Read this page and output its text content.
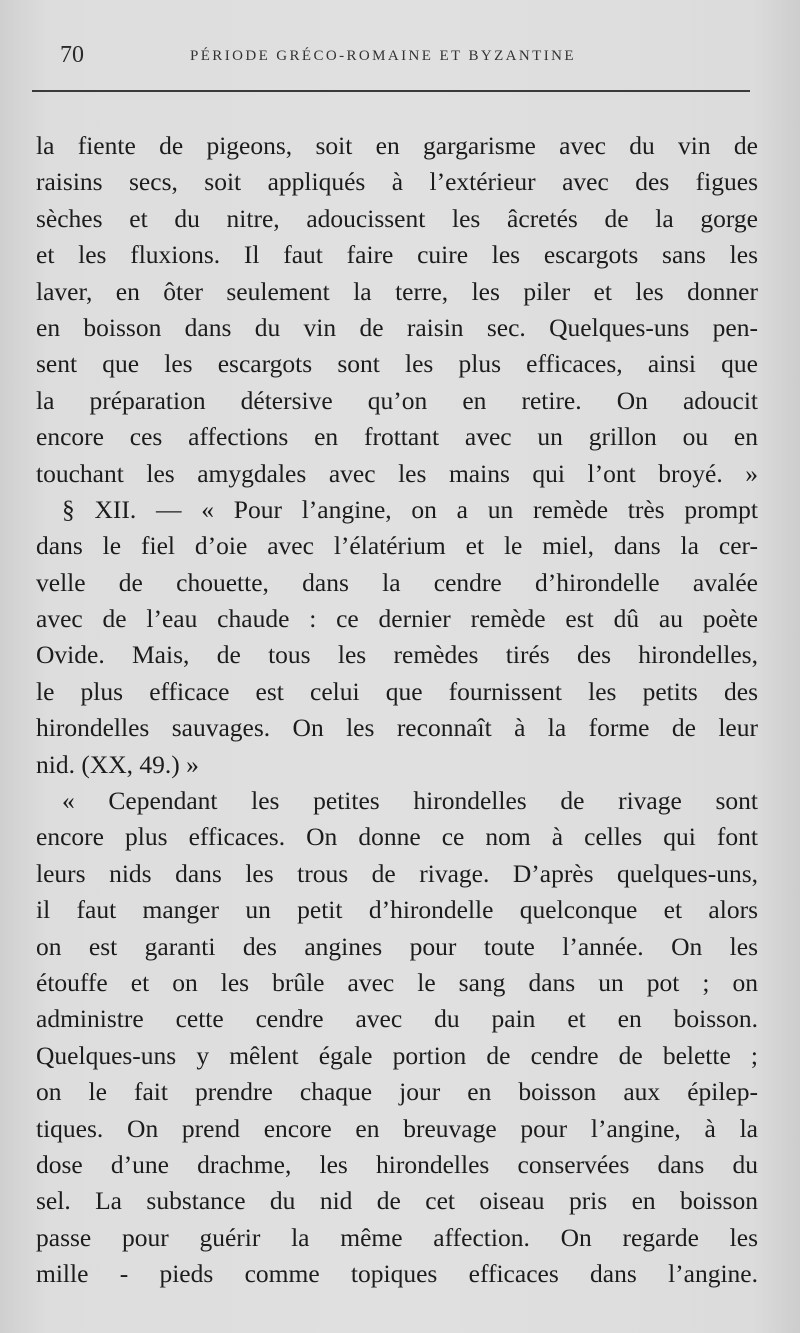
70	PÉRIODE GRÉCO-ROMAINE ET BYZANTINE
la fiente de pigeons, soit en gargarisme avec du vin de
raisins secs, soit appliqués à l’extérieur avec des figues
sèches et du nitre, adoucissent les âcretés de la gorge
et les fluxions. Il faut faire cuire les escargots sans les
laver, en ôter seulement la terre, les piler et les donner
en boisson dans du vin de raisin sec. Quelques-uns pen-
sent que les escargots sont les plus efficaces, ainsi que
la préparation détersive qu’on en retire. On adoucit
encore ces affections en frottant avec un grillon ou en
touchant les amygdales avec les mains qui l’ont broyé. »
§ XII. — « Pour l’angine, on a un remède très prompt
dans le fiel d’oie avec l’élatérium et le miel, dans la cer-
velle de chouette, dans la cendre d’hirondelle avalée
avec de l’eau chaude : ce dernier remède est dû au poète
Ovide. Mais, de tous les remèdes tirés des hirondelles,
le plus efficace est celui que fournissent les petits des
hirondelles sauvages. On les reconnaît à la forme de leur
nid. (XX, 49.) »
« Cependant les petites hirondelles de rivage sont
encore plus efficaces. On donne ce nom à celles qui font
leurs nids dans les trous de rivage. D’après quelques-uns,
il faut manger un petit d’hirondelle quelconque et alors
on est garanti des angines pour toute l’année. On les
étouffe et on les brûle avec le sang dans un pot ; on
administre cette cendre avec du pain et en boisson.
Quelques-uns y mêlent égale portion de cendre de belette ;
on le fait prendre chaque jour en boisson aux épilep-
tiques. On prend encore en breuvage pour l’angine, à la
dose d’une drachme, les hirondelles conservées dans du
sel. La substance du nid de cet oiseau pris en boisson
passe pour guérir la même affection. On regarde les
mille - pieds comme topiques efficaces dans l’angine.
